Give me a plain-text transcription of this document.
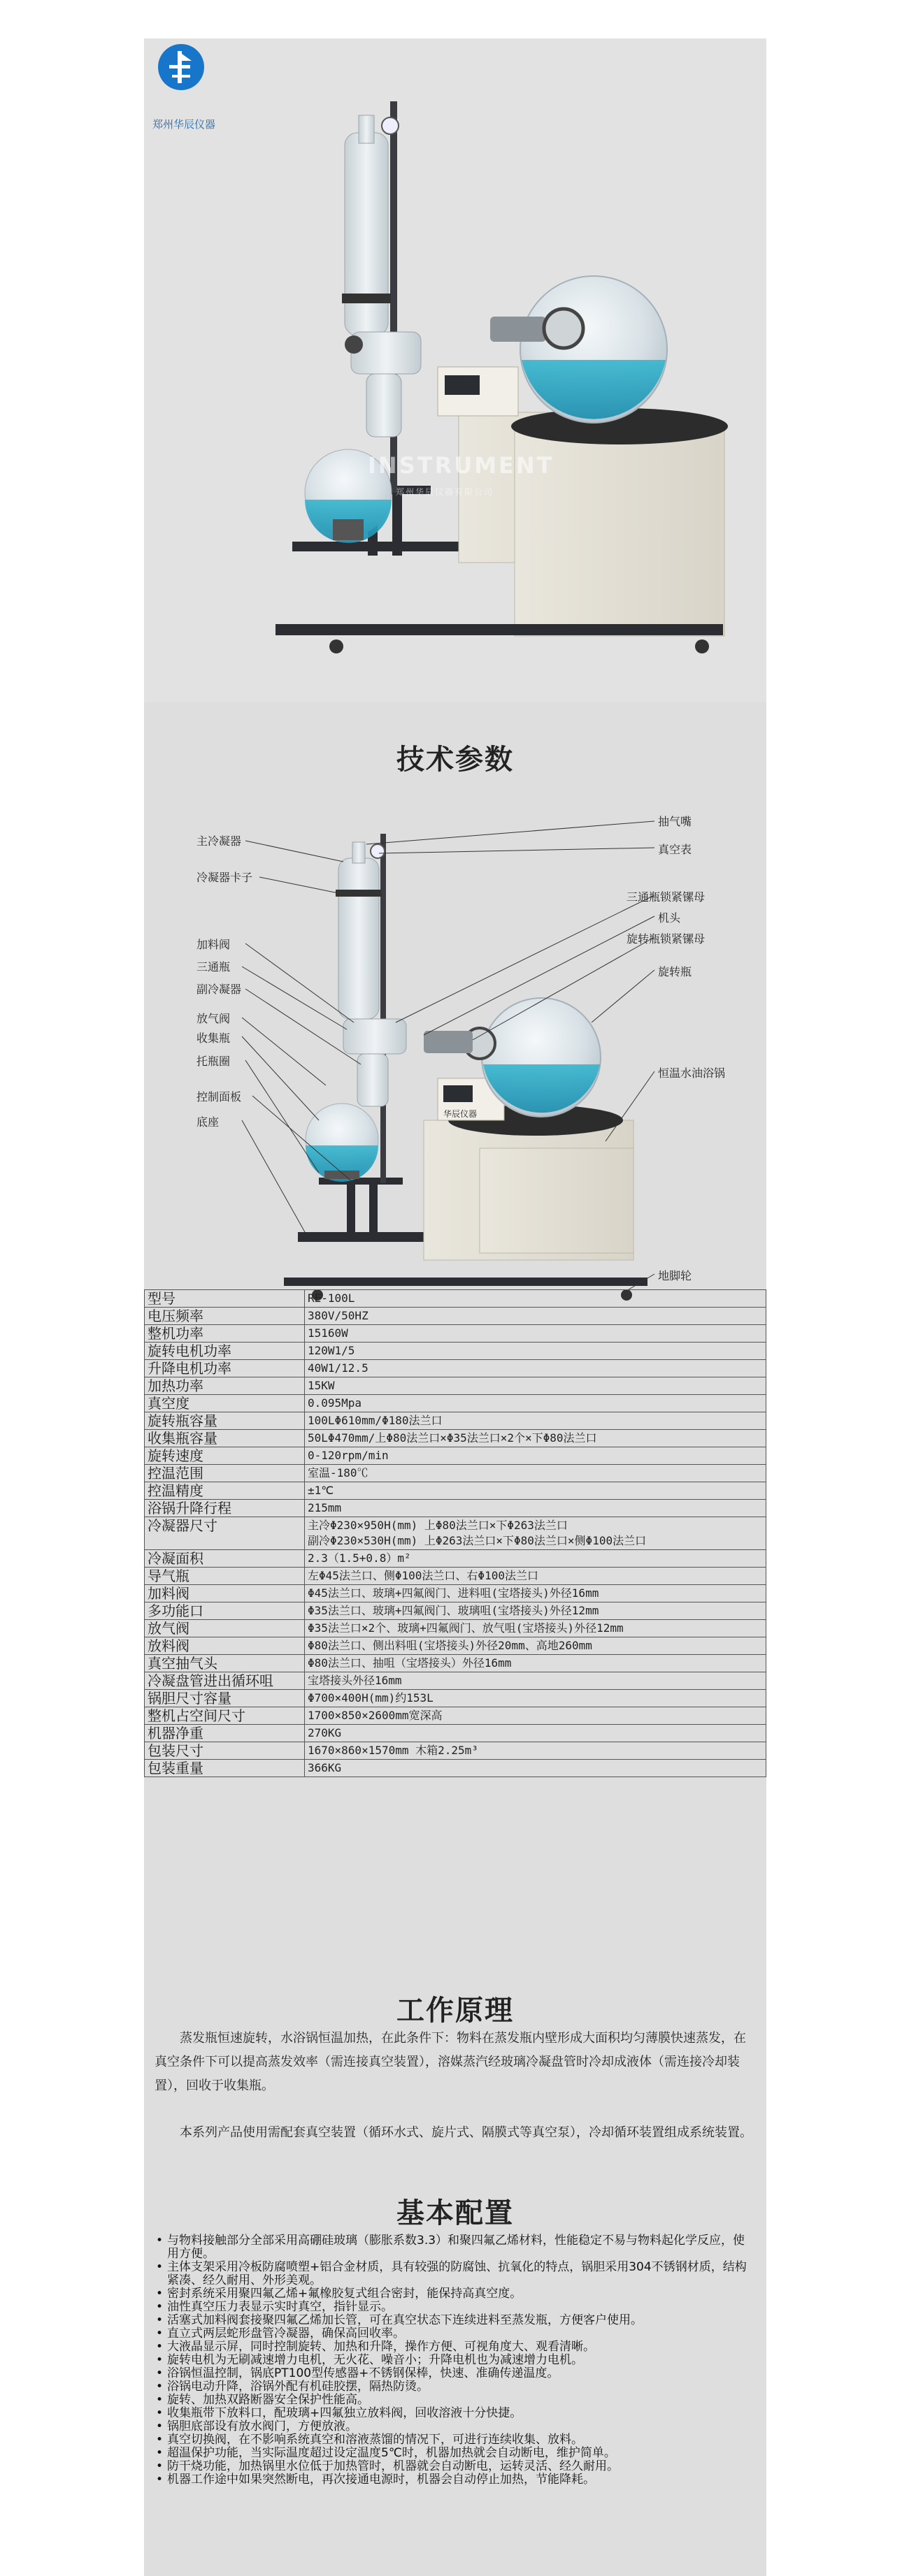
郑州华辰仪器
INSTRUMENT
郑州华辰仪器有限公司
技术参数
主冷凝器
冷凝器卡子
加料阀
三通瓶
副冷凝器
放气阀
收集瓶
托瓶圈
控制面板
底座
抽气嘴
真空表
三通瓶锁紧镙母
机头
旋转瓶锁紧镙母
旋转瓶
恒温水油浴锅
地脚轮
华辰仪器
型号	RE-100L
电压频率	380V/50HZ
整机功率	15160W
旋转电机功率	120W1/5
升降电机功率	40W1/12.5
加热功率	15KW
真空度	0.095Mpa
旋转瓶容量	100LΦ610mm/Φ180法兰口
收集瓶容量	50LΦ470mm/上Φ80法兰口×Φ35法兰口×2个×下Φ80法兰口
旋转速度	0-120rpm/min
控温范围	室温-180℃
控温精度	±1℃
浴锅升降行程	215mm
冷凝器尺寸	主冷Φ230×950H(mm) 上Φ80法兰口×下Φ263法兰口
副冷Φ230×530H(mm) 上Φ263法兰口×下Φ80法兰口×侧Φ100法兰口
冷凝面积	2.3（1.5+0.8）m²
导气瓶	左Φ45法兰口、侧Φ100法兰口、右Φ100法兰口
加料阀	Φ45法兰口、玻璃+四氟阀门、进料咀(宝塔接头)外径16mm
多功能口	Φ35法兰口、玻璃+四氟阀门、玻璃咀(宝塔接头)外径12mm
放气阀	Φ35法兰口×2个、玻璃+四氟阀门、放气咀(宝塔接头)外径12mm
放料阀	Φ80法兰口、侧出料咀(宝塔接头)外径20mm、高地260mm
真空抽气头	Φ80法兰口、抽咀（宝塔接头）外径16mm
冷凝盘管进出循环咀	宝塔接头外径16mm
锅胆尺寸容量	Φ700×400H(mm)约153L
整机占空间尺寸	1700×850×2600mm宽深高
机器净重	270KG
包装尺寸	1670×860×1570mm 木箱2.25m³
包装重量	366KG
工作原理
蒸发瓶恒速旋转，水浴锅恒温加热，在此条件下：物料在蒸发瓶内壁形成大面积均匀薄膜快速蒸发，在真空条件下可以提高蒸发效率（需连接真空装置），溶媒蒸汽经玻璃冷凝盘管时冷却成液体（需连接冷却装置），回收于收集瓶。
本系列产品使用需配套真空装置（循环水式、旋片式、隔膜式等真空泵），冷却循环装置组成系统装置。
基本配置
• 与物料接触部分全部采用高硼硅玻璃（膨胀系数3.3）和聚四氟乙烯材料，性能稳定不易与物料起化学反应，使用方便。
• 主体支架采用冷板防腐喷塑+铝合金材质，具有较强的防腐蚀、抗氧化的特点，锅胆采用304不锈钢材质，结构紧凑、经久耐用、外形美观。
• 密封系统采用聚四氟乙烯+氟橡胶复式组合密封，能保持高真空度。
• 油性真空压力表显示实时真空，指针显示。
• 活塞式加料阀套接聚四氟乙烯加长管，可在真空状态下连续进料至蒸发瓶，方便客户使用。
• 直立式两层蛇形盘管冷凝器，确保高回收率。
• 大液晶显示屏，同时控制旋转、加热和升降，操作方便、可视角度大、观看清晰。
• 旋转电机为无刷减速增力电机，无火花、噪音小；升降电机也为减速增力电机。
• 浴锅恒温控制，锅底PT100型传感器+不锈钢保棒，快速、准确传递温度。
• 浴锅电动升降，浴锅外配有机硅胶摆，隔热防烫。
• 旋转、加热双路断器安全保护性能高。
• 收集瓶带下放料口，配玻璃+四氟独立放料阀，回收溶液十分快捷。
• 锅胆底部设有放水阀门，方便放液。
• 真空切换阀，在不影响系统真空和溶液蒸馏的情况下，可进行连续收集、放料。
• 超温保护功能，当实际温度超过设定温度5℃时，机器加热就会自动断电，维护简单。
• 防干烧功能，加热锅里水位低于加热管时，机器就会自动断电，运转灵活、经久耐用。
• 机器工作途中如果突然断电，再次接通电源时，机器会自动停止加热，节能降耗。
